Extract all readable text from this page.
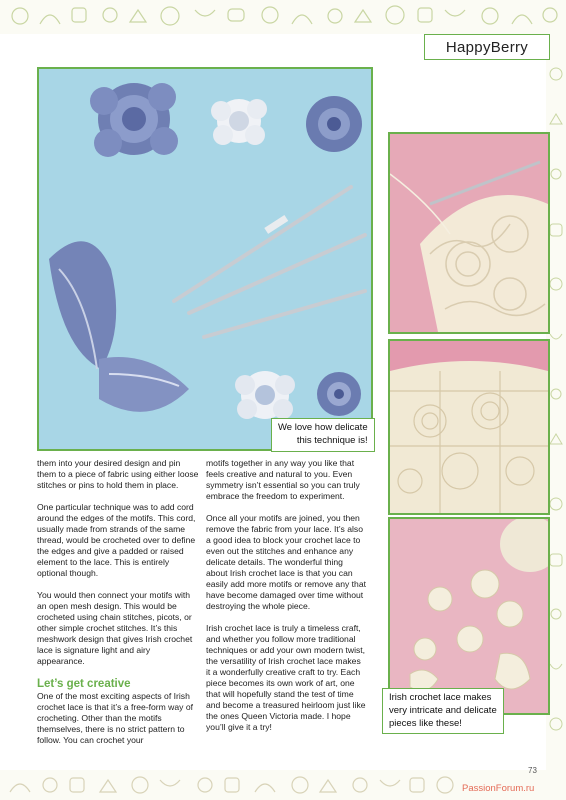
HappyBerry
We love how delicate
this technique is!
Irish crochet lace makes
very intricate and delicate
pieces like these!

them into your desired design and pin them to a piece of fabric using either loose stitches or pins to hold them in place.

One particular technique was to add cord around the edges of the motifs. This cord, usually made from strands of the same thread, would be crocheted over to define the edges and give a padded or raised element to the lace. This is entirely optional though.

You would then connect your motifs with an open mesh design. This would be crocheted using chain stitches, picots, or other simple crochet stitches. It’s this meshwork design that gives Irish crochet lace is signature light and airy appearance.

Let’s get creative

One of the most exciting aspects of Irish crochet lace is that it’s a free-form way of crocheting. Other than the motifs themselves, there is no strict pattern to follow. You can crochet your

motifs together in any way you like that feels creative and natural to you. Even symmetry isn’t essential so you can truly embrace the freedom to experiment.

Once all your motifs are joined, you then remove the fabric from your lace. It’s also a good idea to block your crochet lace to even out the stitches and enhance any delicate details. The wonderful thing about Irish crochet lace is that you can easily add more motifs or remove any that have become damaged over time without destroying the whole piece.

Irish crochet lace is truly a timeless craft, and whether you follow more traditional techniques or add your own modern twist, the versatility of Irish crochet lace makes it a wonderfully creative craft to try. Each piece becomes its own work of art, one that will hopefully stand the test of time and become a treasured heirloom just like the ones Queen Victoria made. I hope you’ll give it a try!

73
PassionForum.ru
